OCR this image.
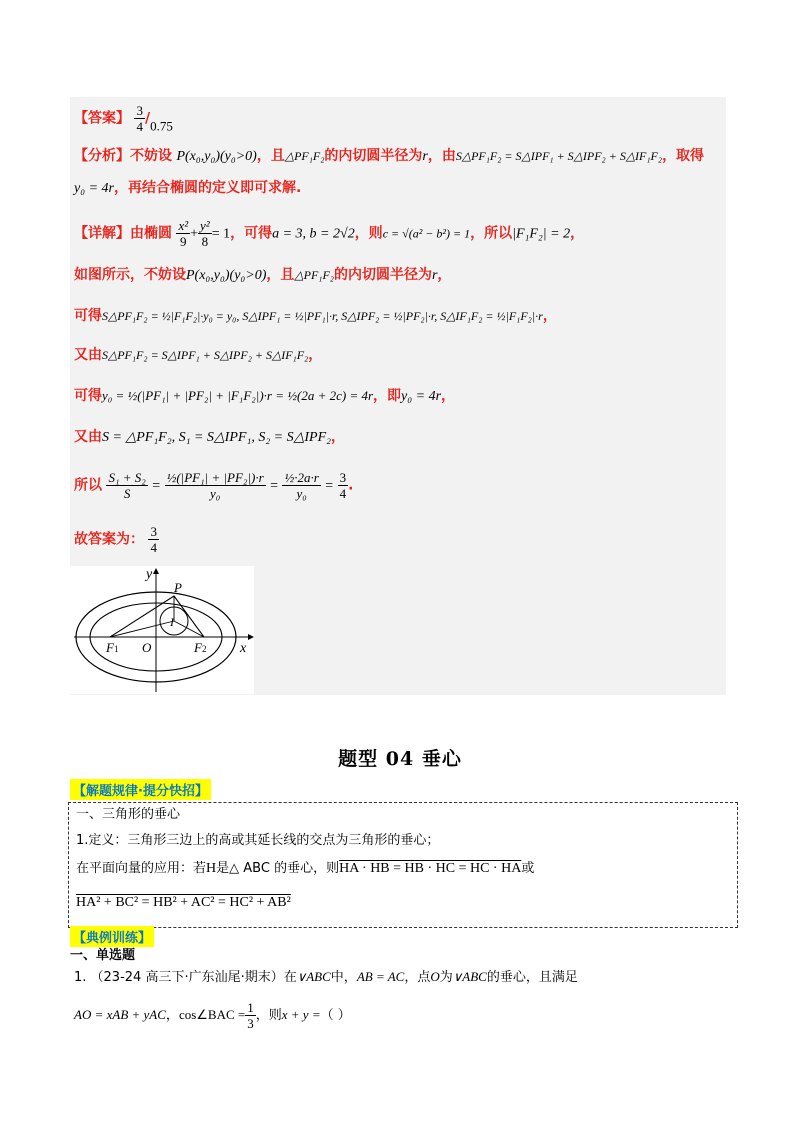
【答案】 $\frac{3}{4} /0.75$
【分析】不妨设 P(x₀,y₀)(y₀>0)，且△PF₁F₂的内切圆半径为r，由S△PF₁F₂ = S△IPF₁ + S△IPF₂ + S△IF₁F₂，取得
y₀ = 4r，再结合椭圆的定义即可求解.
【详解】由椭圆 $\frac{\text{x²}}{9} + \frac{\text{y²}}{8} = 1$，可得a = 3, b = 2√2，则c = √(a² − b²) = 1，所以|F₁F₂| = 2，
如图所示，不妨设P(x₀,y₀)(y₀>0)，且△PF₁F₂的内切圆半径为r，
可得S△PF₁F₂ = ½|F₁F₂|·y₀ = y₀, S△IPF₁ = ½|PF₁|·r, S△IPF₂ = ½|PF₂|·r, S△IF₁F₂ = ½|F₁F₂|·r，
又由S△PF₁F₂ = S△IPF₁ + S△IPF₂ + S△IF₁F₂，
可得y₀ = ½(|PF₁| + |PF₂| + |F₁F₂|)·r = ½(2a + 2c) = 4r，即y₀ = 4r，
又由S = △PF₁F₂, S₁ = S△IPF₁, S₂ = S△IPF₂，
所以 $\frac{\text{S₁ + S₂}}{S} = \frac{\text{½(|PF₁| + |PF₂|)·r}}{\text{y₀}} = \frac{\text{½·2a·r}}{\text{y₀}} = \frac{3}{4}$ .
故答案为： $\frac{3}{4}$
y
x
P
I
F1 O	F2
题型 04 垂心
【解题规律·提分快招】
一、三角形的垂心
1.定义：三角形三边上的高或其延长线的交点为三角形的垂心；
在平面向量的应用：若H是△ ABC 的垂心，则HA · HB = HB · HC = HC · HA或
HA² + BC² = HB² + AC² = HC² + AB²
【典例训练】
一、单选题
1. （23-24 高三下·广东汕尾·期末）在∨ABC中，AB = AC，点O为∨ABC的垂心，且满足
AO = xAB + yAC，cos∠BAC = $\frac{1}{3}$ ，则x + y =（ ）
